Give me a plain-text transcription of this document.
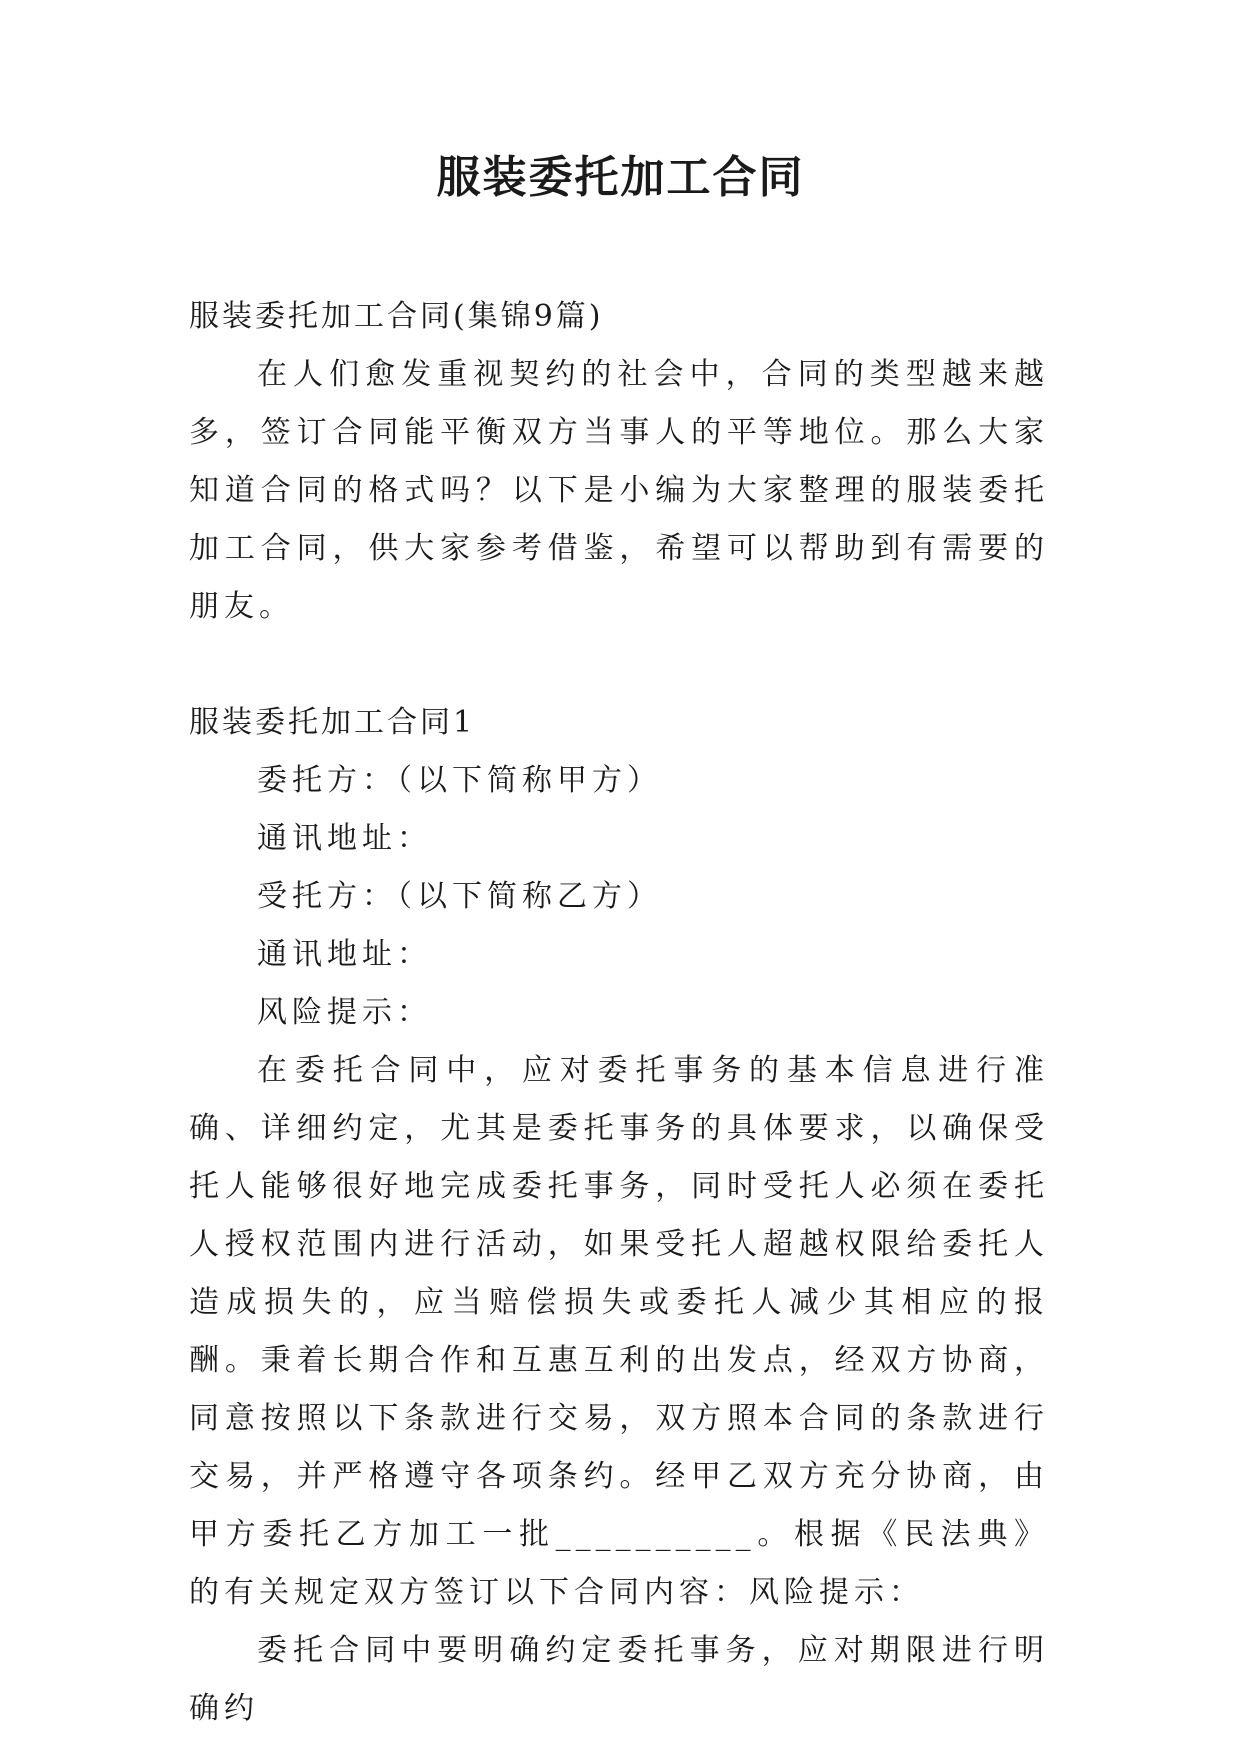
服装委托加工合同

服装委托加工合同(集锦9篇)

在人们愈发重视契约的社会中，合同的类型越来越多，签订合同能平衡双方当事人的平等地位。那么大家知道合同的格式吗？以下是小编为大家整理的服装委托加工合同，供大家参考借鉴，希望可以帮助到有需要的朋友。

服装委托加工合同1

委托方：（以下简称甲方）

通讯地址：

受托方：（以下简称乙方）

通讯地址：

风险提示：

在委托合同中，应对委托事务的基本信息进行准确、详细约定，尤其是委托事务的具体要求，以确保受托人能够很好地完成委托事务，同时受托人必须在委托人授权范围内进行活动，如果受托人超越权限给委托人造成损失的，应当赔偿损失或委托人减少其相应的报酬。秉着长期合作和互惠互利的出发点，经双方协商，同意按照以下条款进行交易，双方照本合同的条款进行交易，并严格遵守各项条约。经甲乙双方充分协商，由甲方委托乙方加工一批__________。根据《民法典》的有关规定双方签订以下合同内容：风险提示：

委托合同中要明确约定委托事务，应对期限进行明确约
